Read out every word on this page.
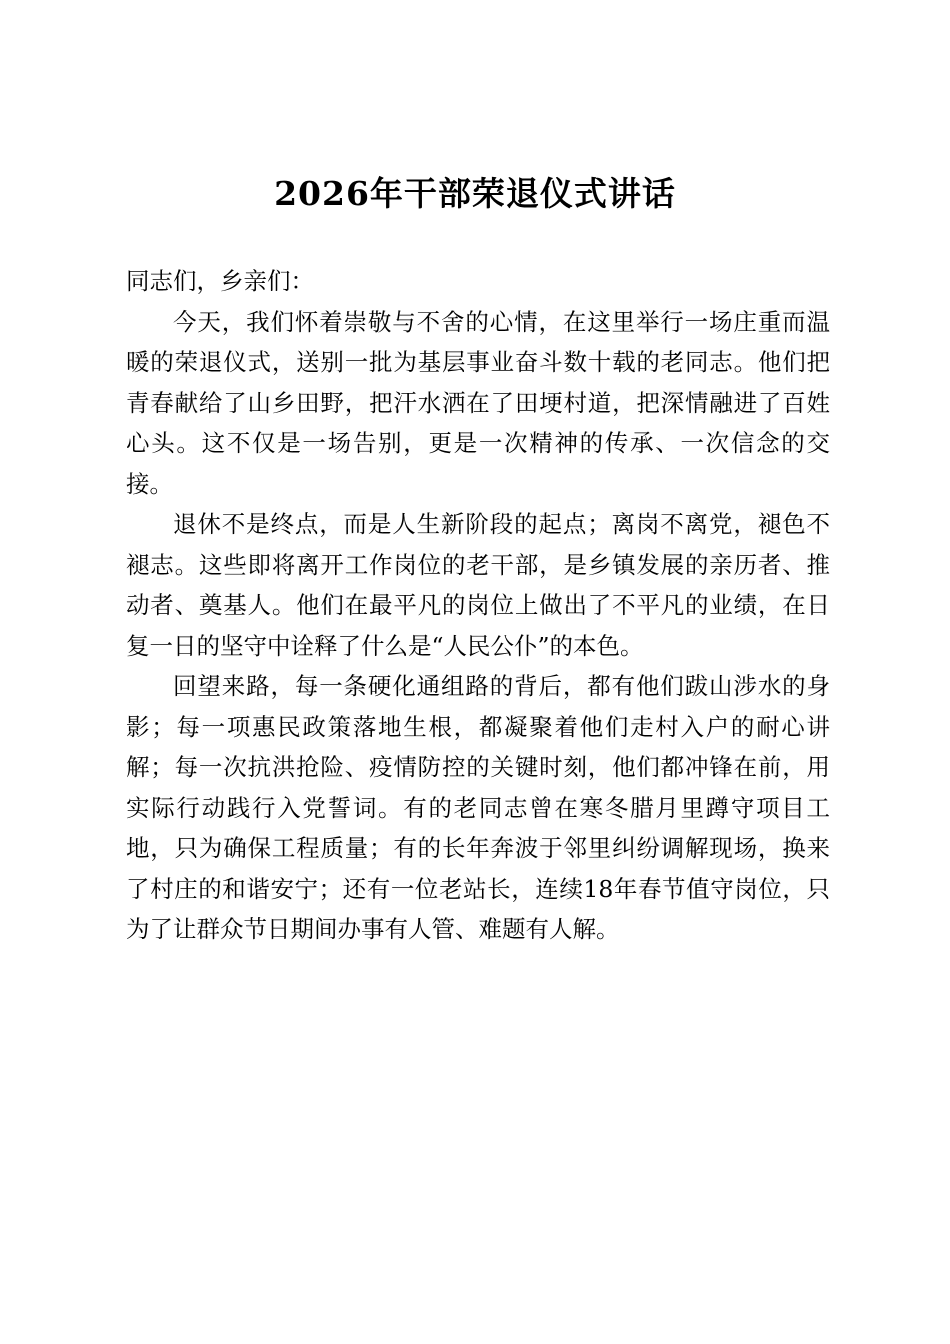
2026年干部荣退仪式讲话

同志们，乡亲们：

今天，我们怀着崇敬与不舍的心情，在这里举行一场庄重而温暖的荣退仪式，送别一批为基层事业奋斗数十载的老同志。他们把青春献给了山乡田野，把汗水洒在了田埂村道，把深情融进了百姓心头。这不仅是一场告别，更是一次精神的传承、一次信念的交接。

退休不是终点，而是人生新阶段的起点；离岗不离党，褪色不褪志。这些即将离开工作岗位的老干部，是乡镇发展的亲历者、推动者、奠基人。他们在最平凡的岗位上做出了不平凡的业绩，在日复一日的坚守中诠释了什么是“人民公仆”的本色。

回望来路，每一条硬化通组路的背后，都有他们跋山涉水的身影；每一项惠民政策落地生根，都凝聚着他们走村入户的耐心讲解；每一次抗洪抢险、疫情防控的关键时刻，他们都冲锋在前，用实际行动践行入党誓词。有的老同志曾在寒冬腊月里蹲守项目工地，只为确保工程质量；有的长年奔波于邻里纠纷调解现场，换来了村庄的和谐安宁；还有一位老站长，连续18年春节值守岗位，只为了让群众节日期间办事有人管、难题有人解。
